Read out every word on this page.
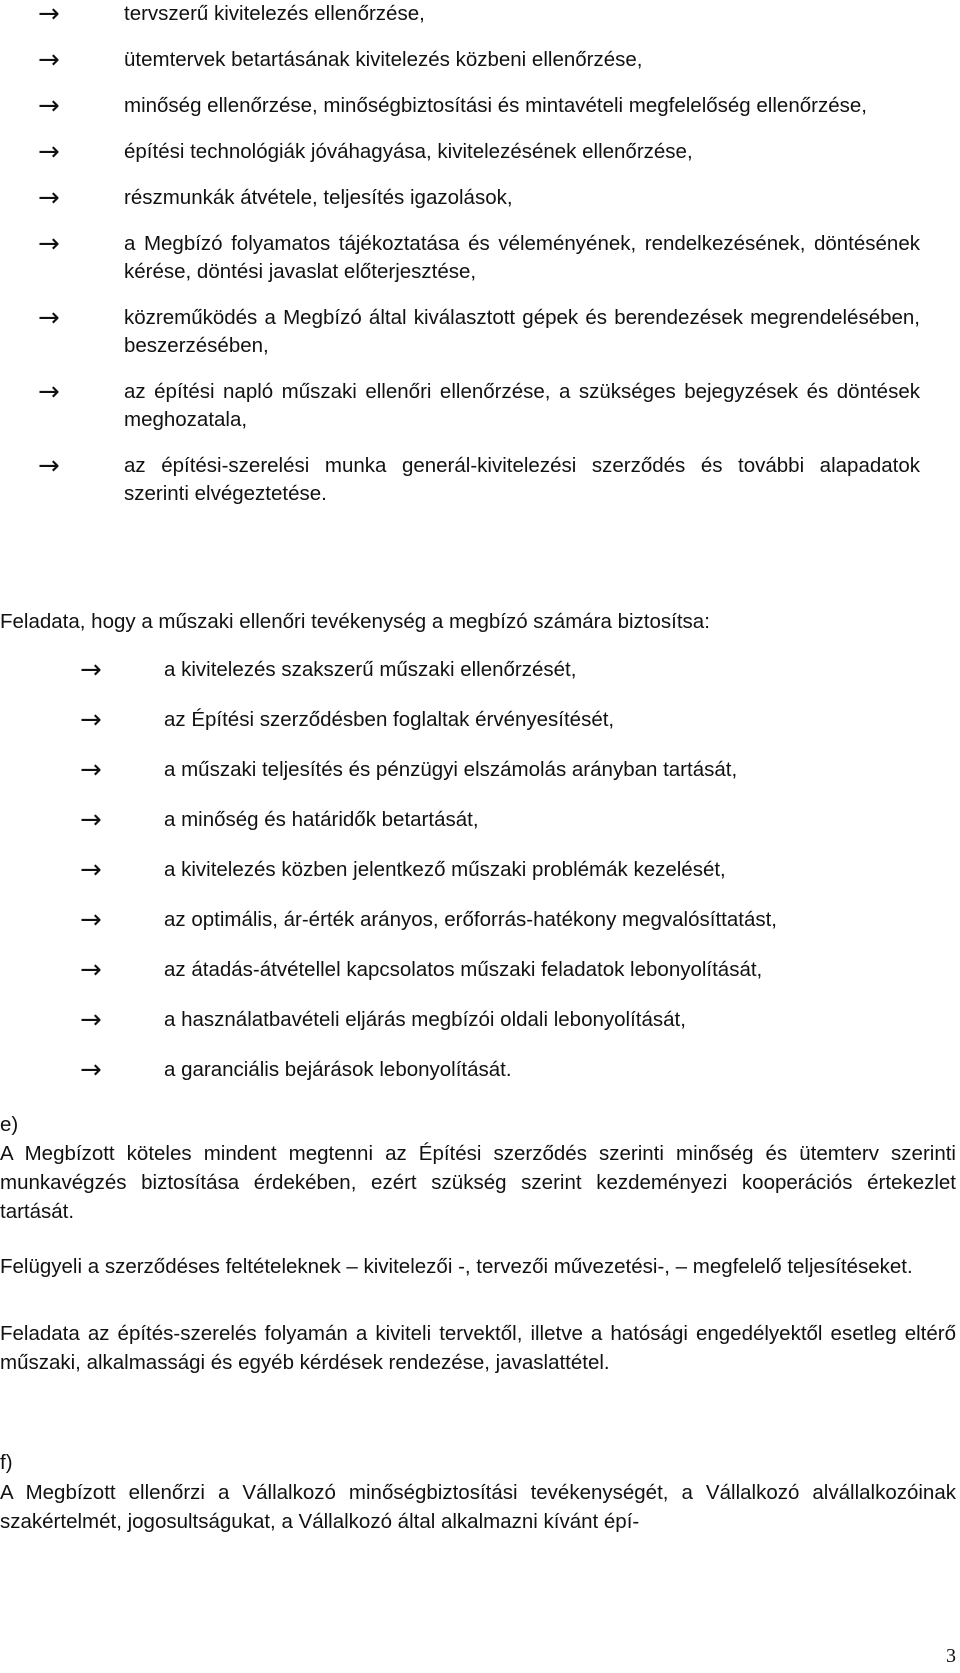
→	tervszerű kivitelezés ellenőrzése,
→	ütemtervek betartásának kivitelezés közbeni ellenőrzése,
→	minőség ellenőrzése, minőségbiztosítási és mintavételi megfelelőség ellenőrzése,
→	építési technológiák jóváhagyása, kivitelezésének ellenőrzése,
→	részmunkák átvétele, teljesítés igazolások,
→	a Megbízó folyamatos tájékoztatása és véleményének, rendelkezésének, döntésének kérése, döntési javaslat előterjesztése,
→	közreműködés a Megbízó által kiválasztott gépek és berendezések megrendelésében, beszerzésében,
→	az építési napló műszaki ellenőri ellenőrzése, a szükséges bejegyzések és döntések meghozatala,
→	az építési-szerelési munka generál-kivitelezési szerződés és további alapadatok szerinti elvégeztetése.
Feladata, hogy a műszaki ellenőri tevékenység a megbízó számára biztosítsa:
→	a kivitelezés szakszerű műszaki ellenőrzését,
→	az Építési szerződésben foglaltak érvényesítését,
→	a műszaki teljesítés és pénzügyi elszámolás arányban tartását,
→	a minőség és határidők betartását,
→	a kivitelezés közben jelentkező műszaki problémák kezelését,
→	az optimális, ár-érték arányos, erőforrás-hatékony megvalósíttatást,
→	az átadás-átvétellel kapcsolatos műszaki feladatok lebonyolítását,
→	a használatbavételi eljárás megbízói oldali lebonyolítását,
→	a garanciális bejárások lebonyolítását.
e)
A Megbízott köteles mindent megtenni az Építési szerződés szerinti minőség és ütemterv szerinti munkavégzés biztosítása érdekében, ezért szükség szerint kezdeményezi kooperációs értekezlet tartását.
Felügyeli a szerződéses feltételeknek – kivitelezői -, tervezői művezetési-, – megfelelő teljesítéseket.
Feladata az építés-szerelés folyamán a kiviteli tervektől, illetve a hatósági engedélyektől esetleg eltérő műszaki, alkalmassági és egyéb kérdések rendezése, javaslattétel.
f)
A Megbízott ellenőrzi a Vállalkozó minőségbiztosítási tevékenységét, a Vállalkozó alvállalkozóinak szakértelmét, jogosultságukat, a Vállalkozó által alkalmazni kívánt épí-
3
